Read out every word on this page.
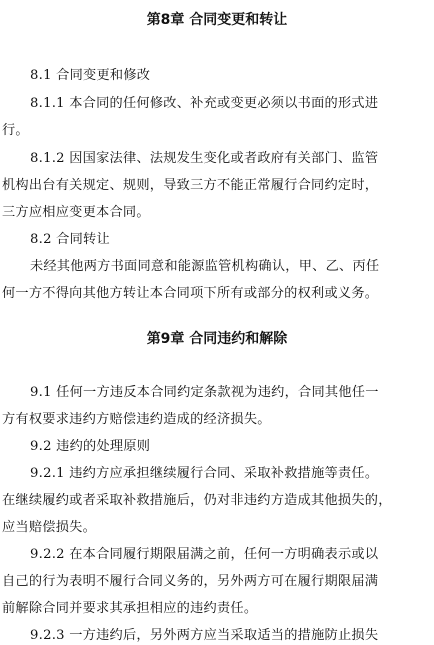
第8章 合同变更和转让
8.1 合同变更和修改
8.1.1 本合同的任何修改、补充或变更必须以书面的形式进
行。
8.1.2 因国家法律、法规发生变化或者政府有关部门、监管
机构出台有关规定、规则，导致三方不能正常履行合同约定时，
三方应相应变更本合同。
8.2 合同转让
未经其他两方书面同意和能源监管机构确认，甲、乙、丙任
何一方不得向其他方转让本合同项下所有或部分的权利或义务。
第9章 合同违约和解除
9.1 任何一方违反本合同约定条款视为违约，合同其他任一
方有权要求违约方赔偿违约造成的经济损失。
9.2 违约的处理原则
9.2.1 违约方应承担继续履行合同、采取补救措施等责任。
在继续履约或者采取补救措施后，仍对非违约方造成其他损失的，
应当赔偿损失。
9.2.2 在本合同履行期限届满之前，任何一方明确表示或以
自己的行为表明不履行合同义务的，另外两方可在履行期限届满
前解除合同并要求其承担相应的违约责任。
9.2.3 一方违约后，另外两方应当采取适当的措施防止损失
